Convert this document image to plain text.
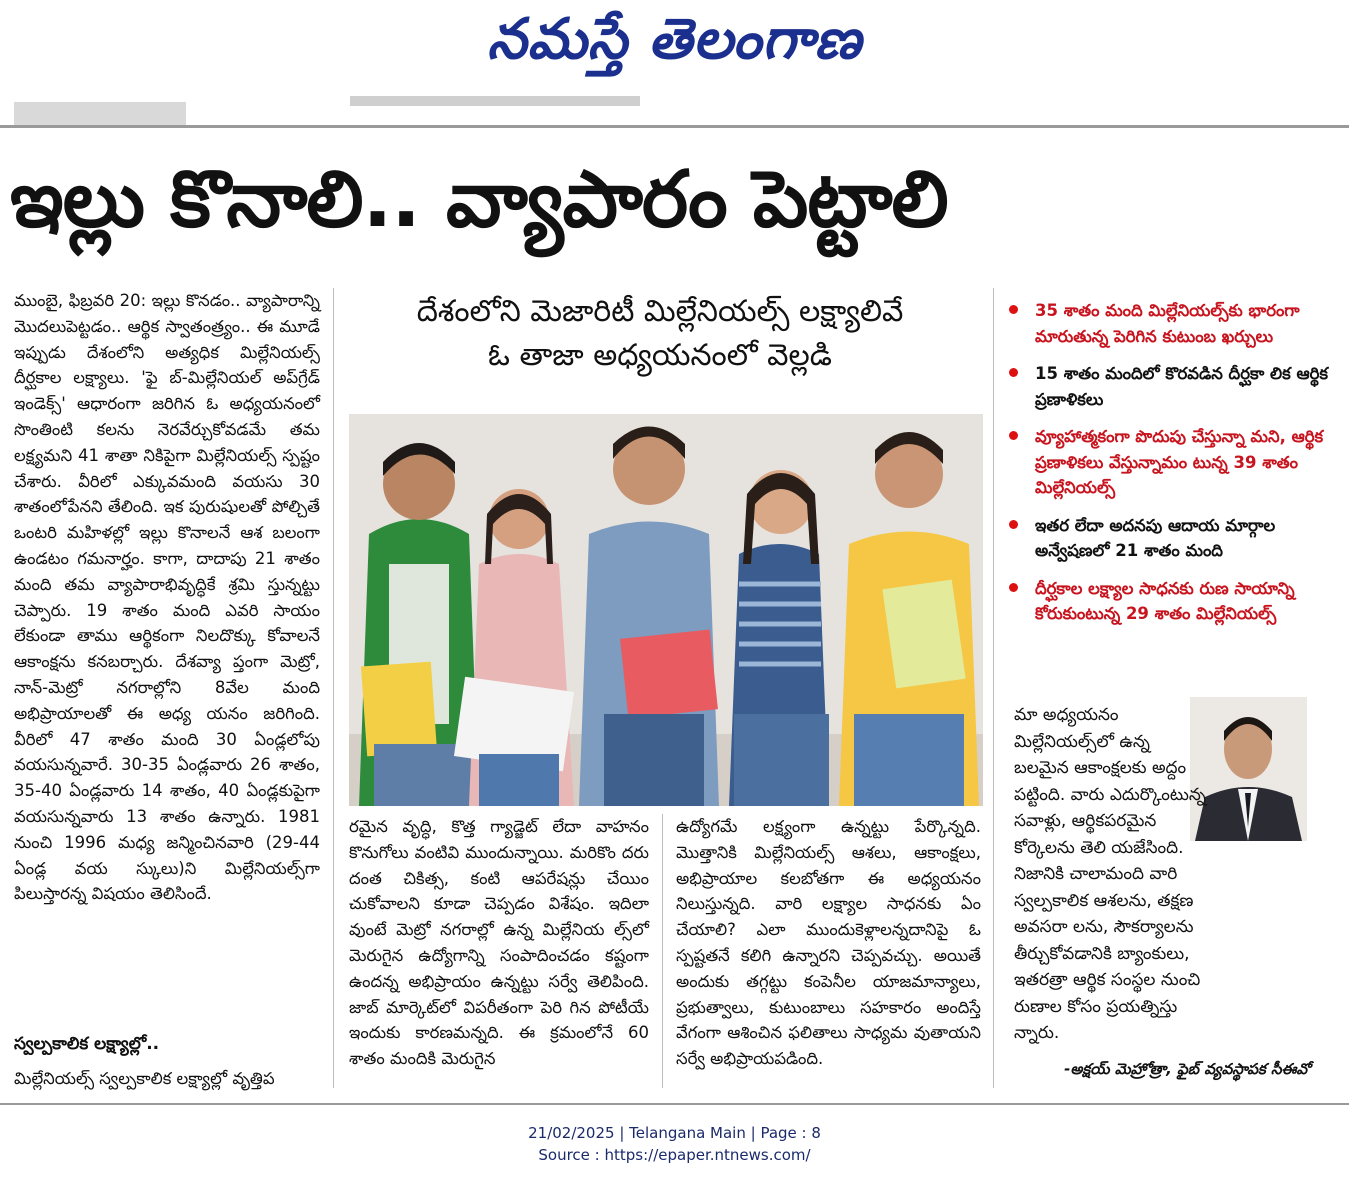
నమస్తే తెలంగాణ
ఇల్లు కొనాలి.. వ్యాపారం పెట్టాలి

ముంబై, ఫిబ్రవరి 20: ఇల్లు కొనడం.. వ్యాపారాన్ని మొదలుపెట్టడం.. ఆర్థిక స్వాతంత్ర్యం.. ఈ మూడే ఇప్పుడు దేశంలోని అత్యధిక మిల్లేనియల్స్ దీర్ఘకాల లక్ష్యాలు. 'ఫై బ్-మిల్లేనియల్ అప్‌గ్రేడ్ ఇండెక్స్' ఆధారంగా జరిగిన ఓ అధ్యయనంలో సొంతింటి కలను నెరవేర్చుకోవడమే తమ లక్ష్యమని 41 శాతా నికిపైగా మిల్లేనియల్స్ స్పష్టం చేశారు. వీరిలో ఎక్కువమంది వయసు 30 శాతంలోపేనని తేలింది. ఇక పురుషులతో పోల్చితే ఒంటరి మహిళల్లో ఇల్లు కొనాలనే ఆశ బలంగా ఉండటం గమనార్హం. కాగా, దాదాపు 21 శాతం మంది తమ వ్యాపారాభివృద్ధికే శ్రమి స్తున్నట్టు చెప్పారు. 19 శాతం మంది ఎవరి సాయం లేకుండా తాము ఆర్థికంగా నిలదొక్కు కోవాలనే ఆకాంక్షను కనబర్చారు. దేశవ్యా ప్తంగా మెట్రో, నాన్-మెట్రో నగరాల్లోని 8వేల మంది అభిప్రాయాలతో ఈ అధ్య యనం జరిగింది. వీరిలో 47 శాతం మంది 30 ఏండ్లలోపు వయసున్నవారే. 30-35 ఏండ్లవారు 26 శాతం, 35-40 ఏండ్లవారు 14 శాతం, 40 ఏండ్లకుపైగా వయసున్నవారు 13 శాతం ఉన్నారు. 1981 నుంచి 1996 మధ్య జన్మించినవారి (29-44 ఏండ్ల వయ స్కులు)ని మిల్లేనియల్స్‌గా పిలుస్తారన్న విషయం తెలిసిందే.

స్వల్పకాలిక లక్ష్యాల్లో..
మిల్లేనియల్స్ స్వల్పకాలిక లక్ష్యాల్లో వృత్తిప
దేశంలోని మెజారిటీ మిల్లేనియల్స్ లక్ష్యాలివే
ఓ తాజా అధ్యయనంలో వెల్లడి
రమైన వృద్ధి, కొత్త గ్యాడ్జెట్ లేదా వాహనం కొనుగోలు వంటివి ముందున్నాయి. మరికొం దరు దంత చికిత్స, కంటి ఆపరేషన్లు చేయిం చుకోవాలని కూడా చెప్పడం విశేషం. ఇదిలా వుంటే మెట్రో నగరాల్లో ఉన్న మిల్లేనియ ల్స్‌లో మెరుగైన ఉద్యోగాన్ని సంపాదించడం కష్టంగా ఉందన్న అభిప్రాయం ఉన్నట్టు సర్వే తెలిపింది. జాబ్ మార్కెట్‌లో విపరీతంగా పెరి గిన పోటీయే ఇందుకు కారణమన్నది. ఈ క్రమంలోనే 60 శాతం మందికి మెరుగైన
ఉద్యోగమే లక్ష్యంగా ఉన్నట్టు పేర్కొన్నది. మొత్తానికి మిల్లేనియల్స్ ఆశలు, ఆకాంక్షలు, అభిప్రాయాల కలబోతగా ఈ అధ్యయనం నిలుస్తున్నది. వారి లక్ష్యాల సాధనకు ఏం చేయాలి? ఎలా ముందుకెళ్లాలన్నదానిపై ఓ స్పష్టతనే కలిగి ఉన్నారని చెప్పవచ్చు. అయితే అందుకు తగ్గట్టు కంపెనీల యాజమాన్యాలు, ప్రభుత్వాలు, కుటుంబాలు సహకారం అందిస్తే వేగంగా ఆశించిన ఫలితాలు సాధ్యమ వుతాయని సర్వే అభిప్రాయపడింది.
35 శాతం మంది మిల్లేనియల్స్‌కు భారంగా మారుతున్న పెరిగిన కుటుంబ ఖర్చులు
15 శాతం మందిలో కొరవడిన దీర్ఘకా లిక ఆర్థిక ప్రణాళికలు
వ్యూహాత్మకంగా పొదుపు చేస్తున్నా మని, ఆర్థిక ప్రణాళికలు వేస్తున్నామం టున్న 39 శాతం మిల్లేనియల్స్
ఇతర లేదా అదనపు ఆదాయ మార్గాల అన్వేషణలో 21 శాతం మంది
దీర్ఘకాల లక్ష్యాల సాధనకు రుణ సాయాన్ని కోరుకుంటున్న 29 శాతం మిల్లేనియల్స్
మా అధ్యయనం మిల్లేనియల్స్‌లో ఉన్న బలమైన ఆకాంక్షలకు అద్దం పట్టింది. వారు ఎదుర్కొంటున్న సవాళ్లు, ఆర్థికపరమైన కోర్కెలను తెలి యజేసింది. నిజానికి చాలామంది వారి స్వల్పకాలిక ఆశలను, తక్షణ అవసరా లను, సౌకర్యాలను తీర్చుకోవడానికి బ్యాంకులు, ఇతరత్రా ఆర్థిక సంస్థల నుంచి రుణాల కోసం ప్రయత్నిస్తు న్నారు.
-అక్షయ్ మెహ్రోత్రా, ఫైబ్ వ్యవస్థాపక సీఈవో
21/02/2025 | Telangana Main | Page : 8
Source : https://epaper.ntnews.com/
